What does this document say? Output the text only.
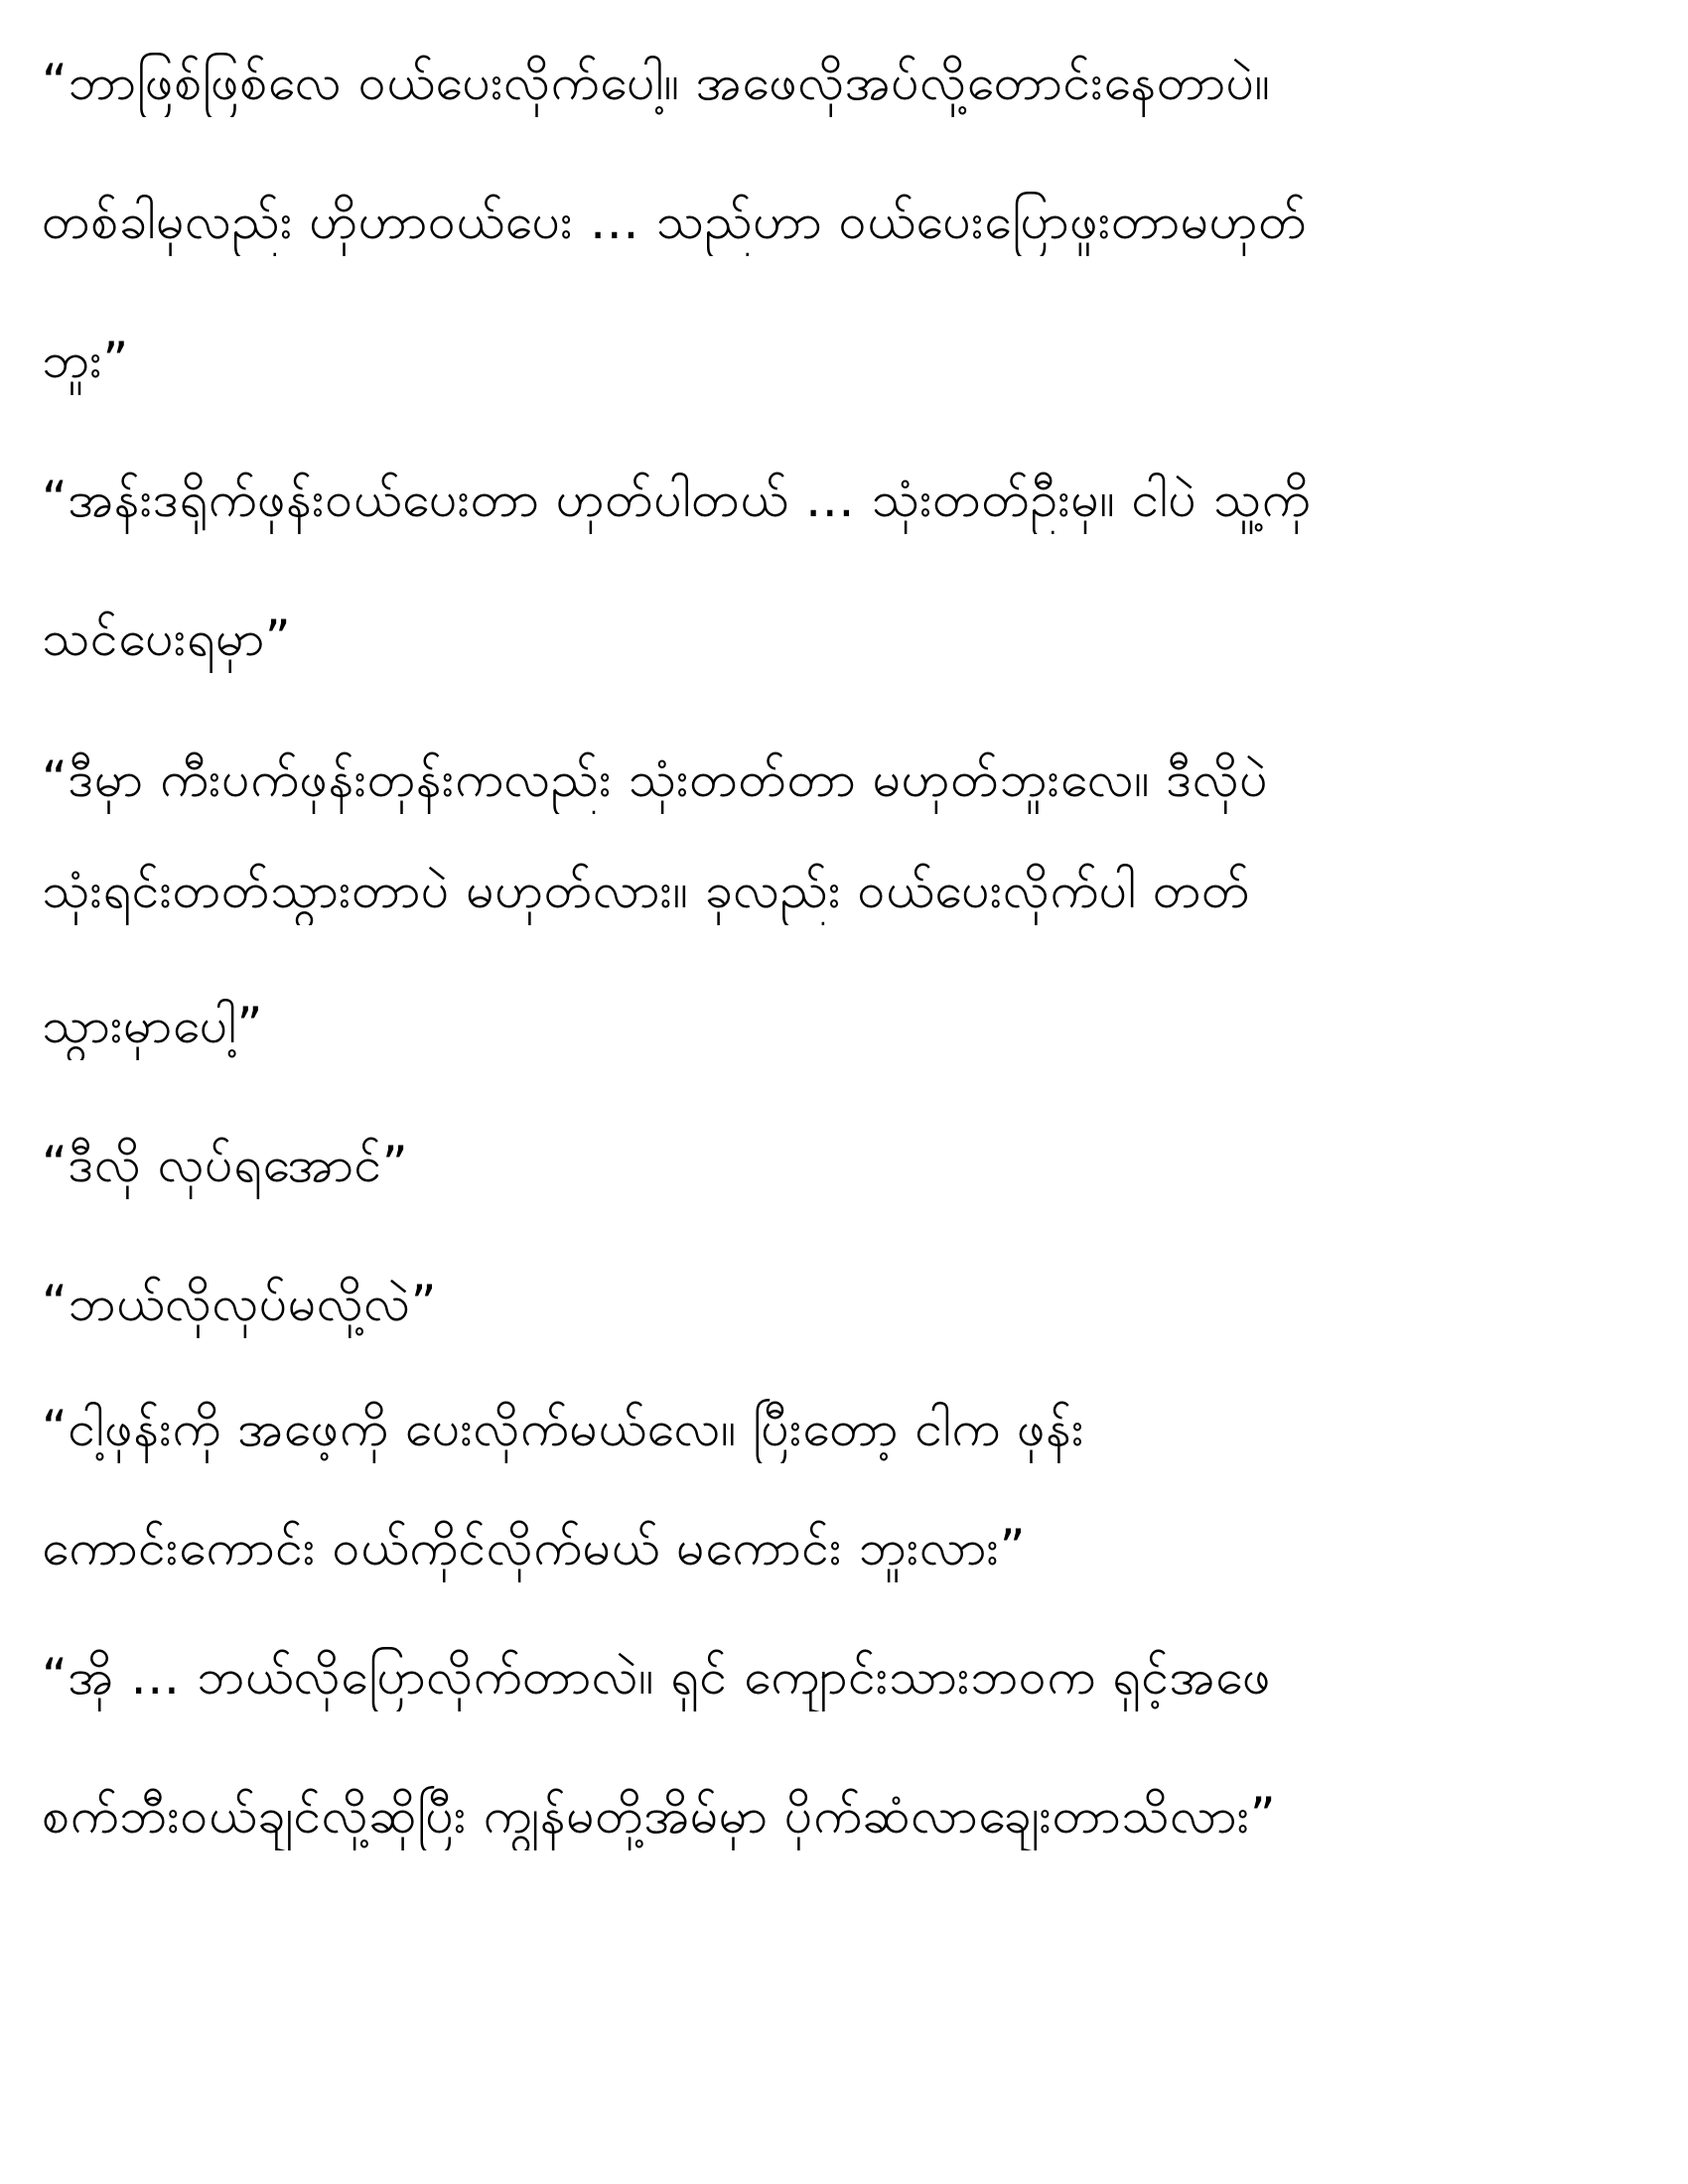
“ဘာဖြစ်ဖြစ်လေ ဝယ်ပေးလိုက်ပေါ့။ အဖေလိုအပ်လို့တောင်းနေတာပဲ။
တစ်ခါမှလည်း ဟိုဟာဝယ်ပေး … သည်ဟာ ဝယ်ပေးပြောဖူးတာမဟုတ်
ဘူး”
“အန်းဒရိုက်ဖုန်းဝယ်ပေးတာ ဟုတ်ပါတယ် … သုံးတတ်ဦးမှ။ ငါပဲ သူ့ကို
သင်ပေးရမှာ”
“ဒီမှာ ကီးပက်ဖုန်းတုန်းကလည်း သုံးတတ်တာ မဟုတ်ဘူးလေ။ ဒီလိုပဲ
သုံးရင်းတတ်သွားတာပဲ မဟုတ်လား။ ခုလည်း ဝယ်ပေးလိုက်ပါ တတ်
သွားမှာပေါ့”
“ဒီလို လုပ်ရအောင်”
“ဘယ်လိုလုပ်မလို့လဲ”
“ငါ့ဖုန်းကို အဖေ့ကို ပေးလိုက်မယ်လေ။ ပြီးတော့ ငါက ဖုန်း
ကောင်းကောင်း ဝယ်ကိုင်လိုက်မယ် မကောင်း ဘူးလား”
“အို … ဘယ်လိုပြောလိုက်တာလဲ။ ရှင် ကျောင်းသားဘဝက ရှင့်အဖေ
စက်ဘီးဝယ်ချင်လို့ဆိုပြီး ကျွန်မတို့အိမ်မှာ ပိုက်ဆံလာချေးတာသိလား”
